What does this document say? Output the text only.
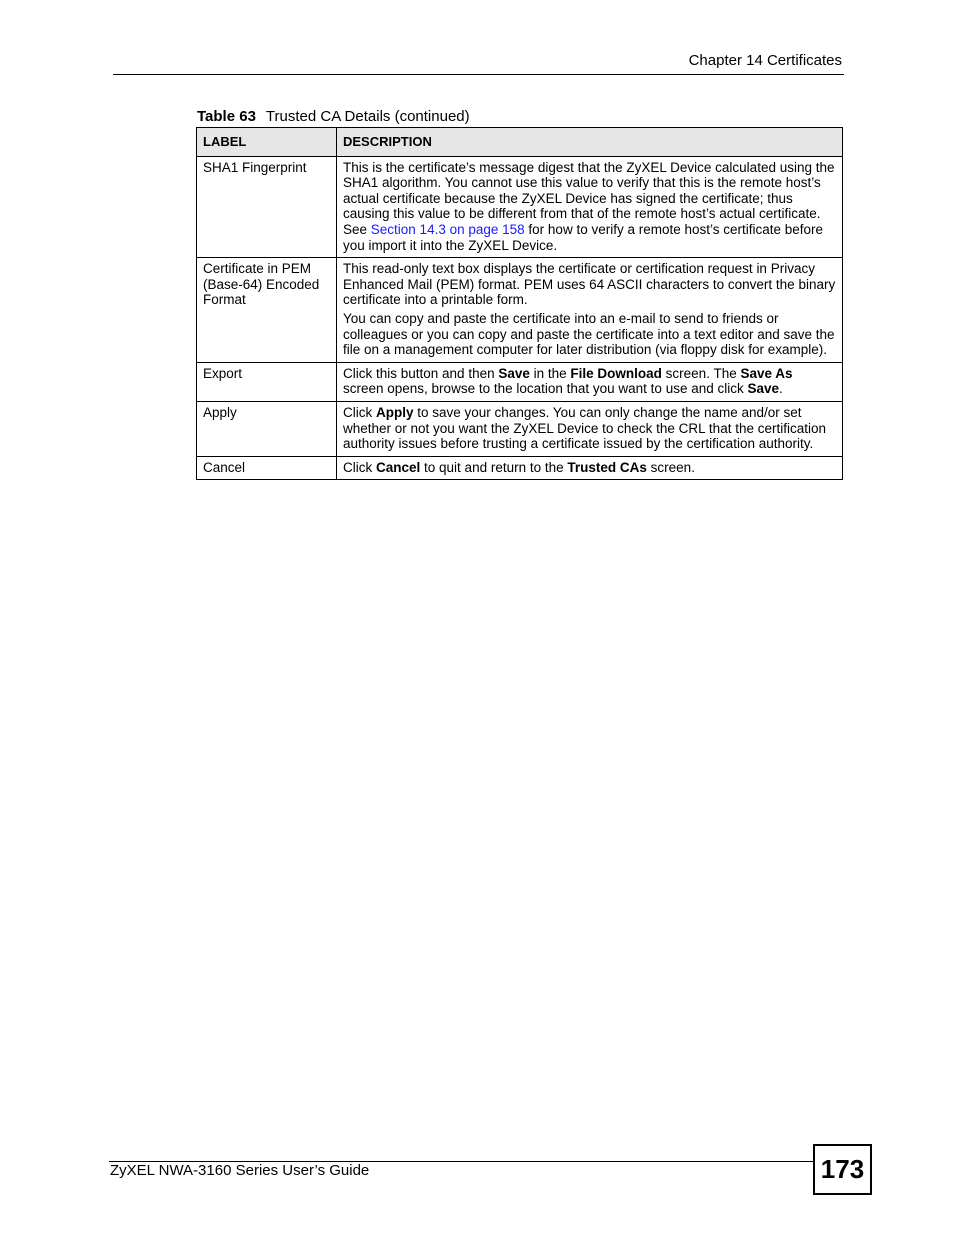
Chapter 14 Certificates
Table 63 Trusted CA Details (continued)
LABEL	DESCRIPTION
SHA1 Fingerprint	This is the certificate’s message digest that the ZyXEL Device calculated using the SHA1 algorithm. You cannot use this value to verify that this is the remote host’s actual certificate because the ZyXEL Device has signed the certificate; thus causing this value to be different from that of the remote host’s actual certificate. See Section 14.3 on page 158 for how to verify a remote host’s certificate before you import it into the ZyXEL Device.
Certificate in PEM (Base-64) Encoded Format	This read-only text box displays the certificate or certification request in Privacy Enhanced Mail (PEM) format. PEM uses 64 ASCII characters to convert the binary certificate into a printable form.

You can copy and paste the certificate into an e-mail to send to friends or colleagues or you can copy and paste the certificate into a text editor and save the file on a management computer for later distribution (via floppy disk for example).

Export	Click this button and then Save in the File Download screen. The Save As screen opens, browse to the location that you want to use and click Save.
Apply	Click Apply to save your changes. You can only change the name and/or set whether or not you want the ZyXEL Device to check the CRL that the certification authority issues before trusting a certificate issued by the certification authority.
Cancel	Click Cancel to quit and return to the Trusted CAs screen.
ZyXEL NWA-3160 Series User’s Guide	173
